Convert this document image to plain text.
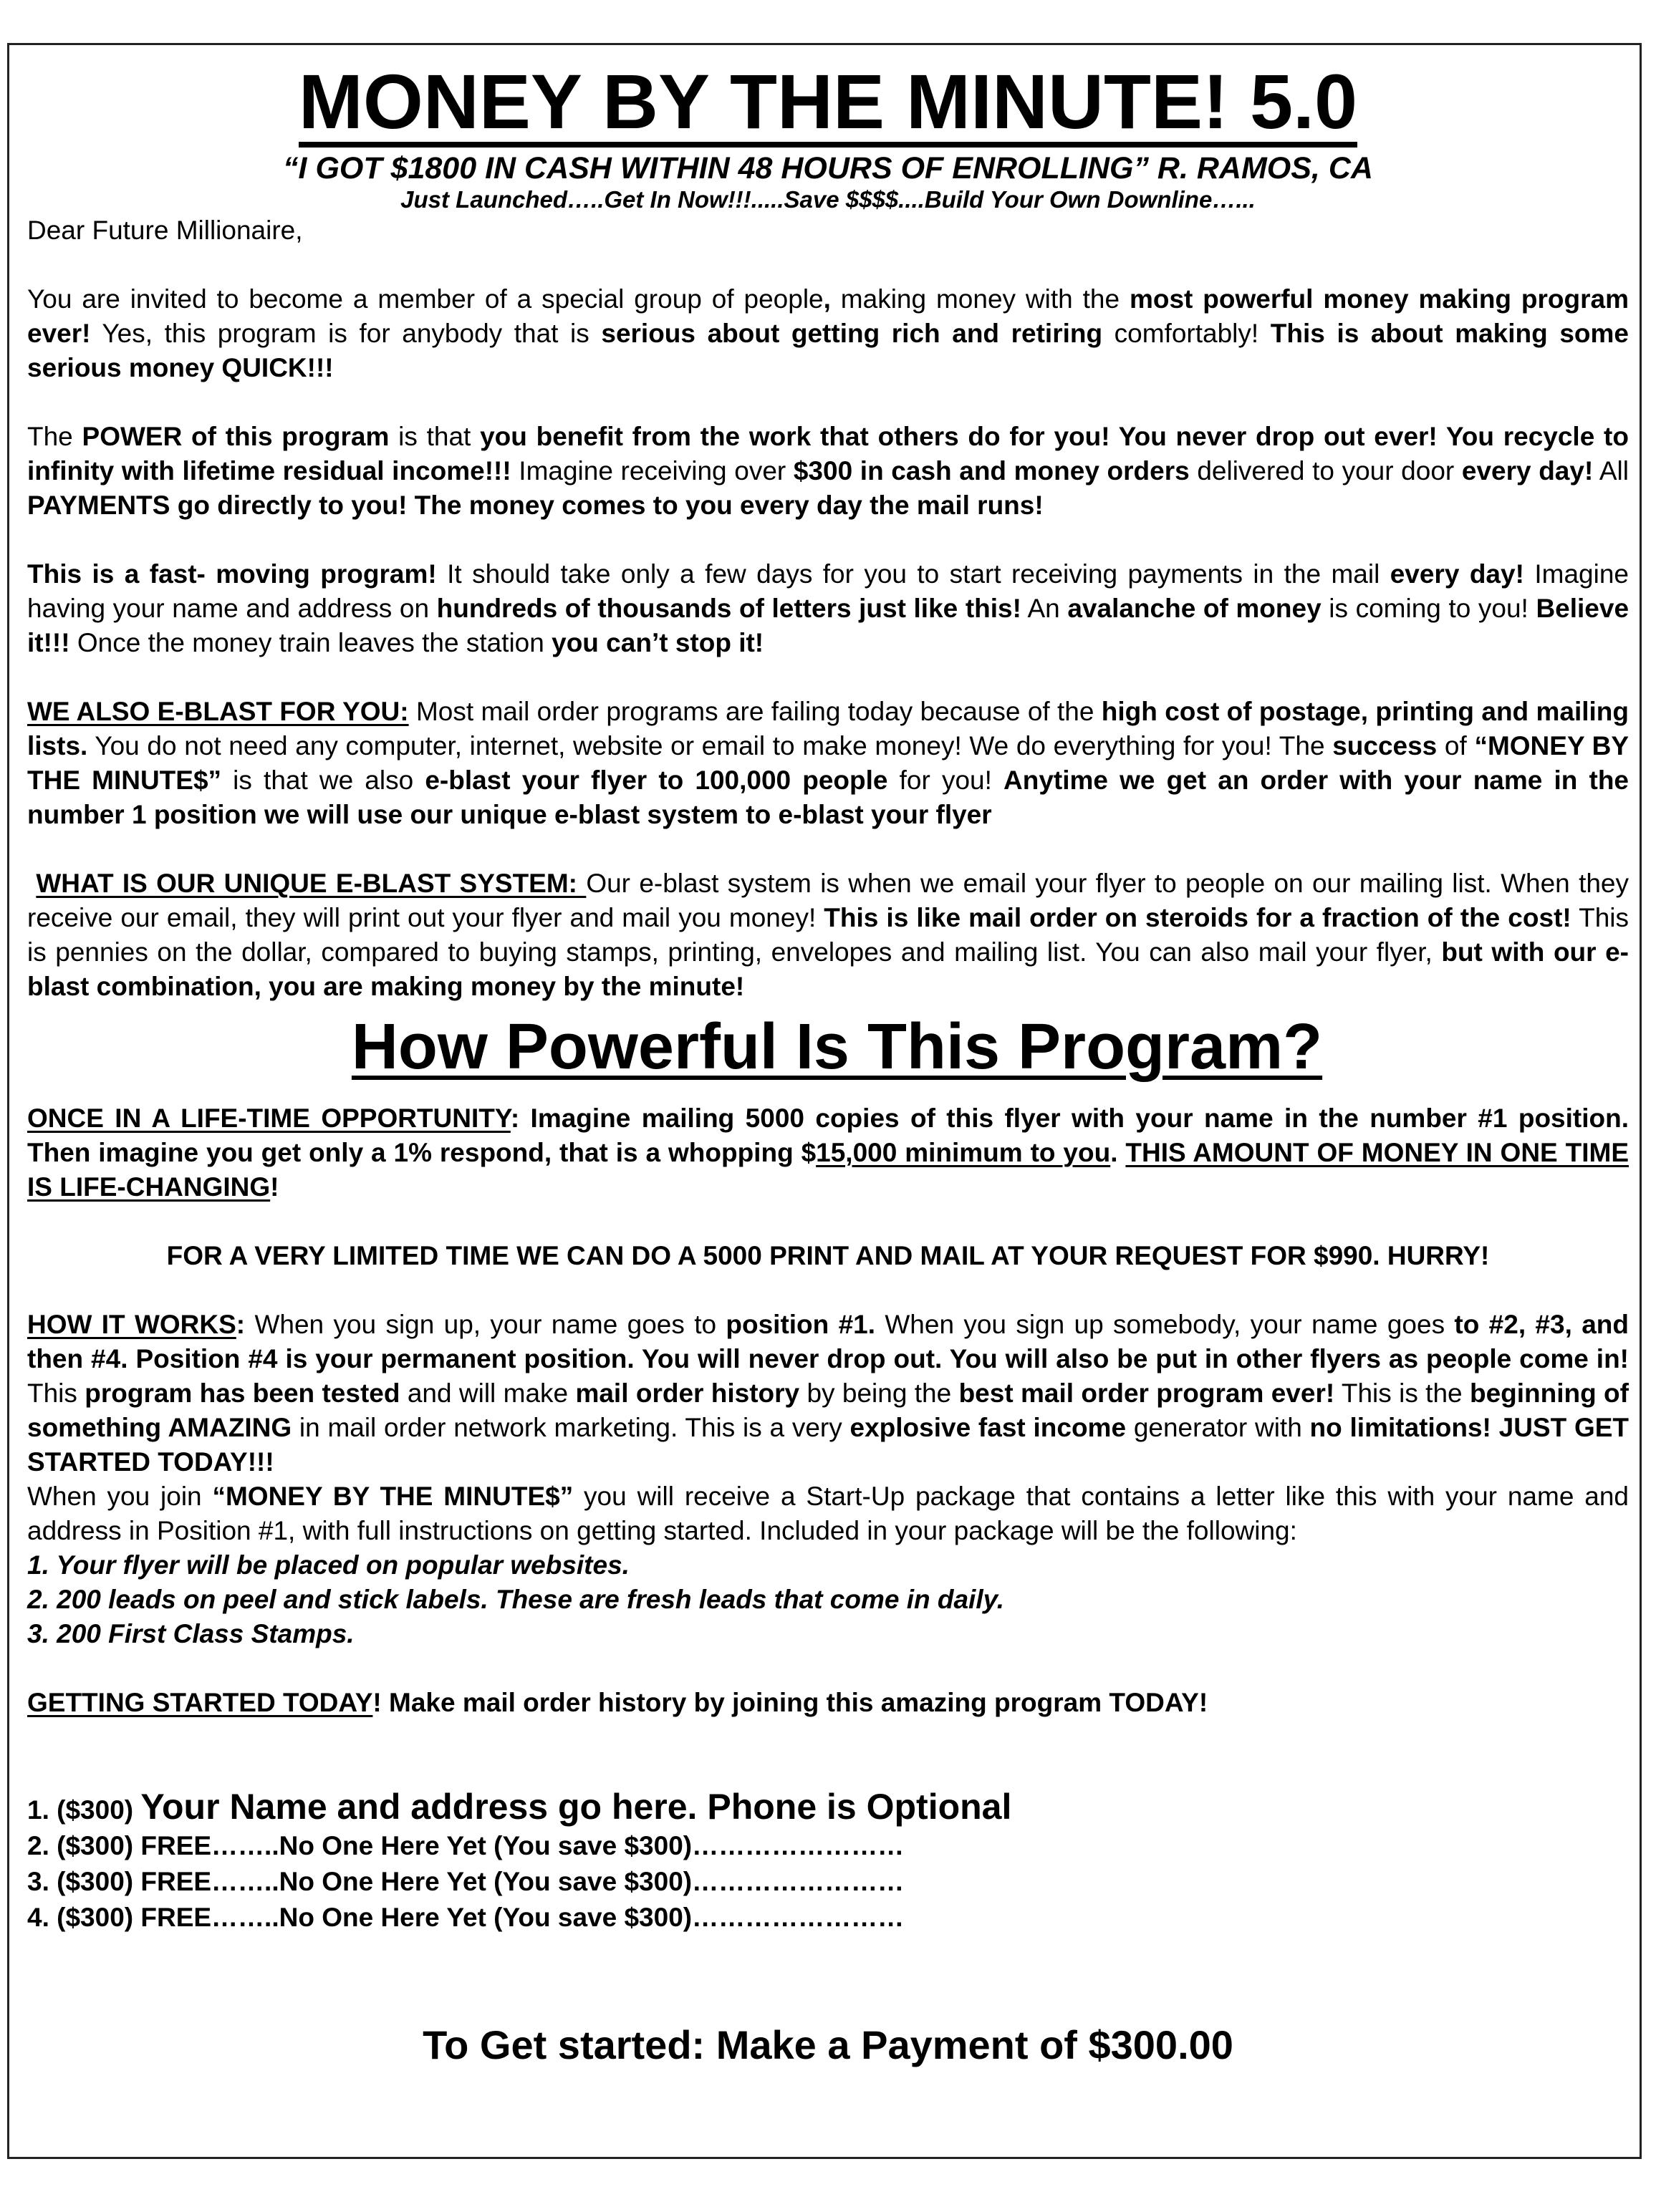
MONEY BY THE MINUTE! 5.0
“I GOT $1800 IN CASH WITHIN 48 HOURS OF ENROLLING” R. RAMOS, CA
Just Launched…..Get In Now!!!.....Save $$$$....Build Your Own Downline…...

Dear Future Millionaire,

You are invited to become a member of a special group of people, making money with the most powerful money making program ever! Yes, this program is for anybody that is serious about getting rich and retiring comfortably! This is about making some serious money QUICK!!!

The POWER of this program is that you benefit from the work that others do for you! You never drop out ever! You recycle to infinity with lifetime residual income!!! Imagine receiving over $300 in cash and money orders delivered to your door every day! All PAYMENTS go directly to you! The money comes to you every day the mail runs!

This is a fast- moving program! It should take only a few days for you to start receiving payments in the mail every day! Imagine having your name and address on hundreds of thousands of letters just like this! An avalanche of money is coming to you! Believe it!!! Once the money train leaves the station you can’t stop it!

WE ALSO E-BLAST FOR YOU: Most mail order programs are failing today because of the high cost of postage, printing and mailing lists. You do not need any computer, internet, website or email to make money! We do everything for you! The success of “MONEY BY THE MINUTE$” is that we also e-blast your flyer to 100,000 people for you! Anytime we get an order with your name in the number 1 position we will use our unique e-blast system to e-blast your flyer

WHAT IS OUR UNIQUE E-BLAST SYSTEM: Our e-blast system is when we email your flyer to people on our mailing list. When they receive our email, they will print out your flyer and mail you money! This is like mail order on steroids for a fraction of the cost! This is pennies on the dollar, compared to buying stamps, printing, envelopes and mailing list. You can also mail your flyer, but with our e-blast combination, you are making money by the minute!

How Powerful Is This Program?

ONCE IN A LIFE-TIME OPPORTUNITY: Imagine mailing 5000 copies of this flyer with your name in the number #1 position. Then imagine you get only a 1% respond, that is a whopping $15,000 minimum to you. THIS AMOUNT OF MONEY IN ONE TIME IS LIFE-CHANGING!

FOR A VERY LIMITED TIME WE CAN DO A 5000 PRINT AND MAIL AT YOUR REQUEST FOR $990. HURRY!

HOW IT WORKS: When you sign up, your name goes to position #1. When you sign up somebody, your name goes to #2, #3, and then #4. Position #4 is your permanent position. You will never drop out. You will also be put in other flyers as people come in! This program has been tested and will make mail order history by being the best mail order program ever! This is the beginning of something AMAZING in mail order network marketing. This is a very explosive fast income generator with no limitations! JUST GET STARTED TODAY!!!

When you join “MONEY BY THE MINUTE$” you will receive a Start-Up package that contains a letter like this with your name and address in Position #1, with full instructions on getting started. Included in your package will be the following:

1. Your flyer will be placed on popular websites.
2. 200 leads on peel and stick labels. These are fresh leads that come in daily.
3. 200 First Class Stamps.

GETTING STARTED TODAY! Make mail order history by joining this amazing program TODAY!

1. ($300) Your Name and address go here. Phone is Optional
2. ($300) FREE……..No One Here Yet (You save $300)……………………
3. ($300) FREE……..No One Here Yet (You save $300)……………………
4. ($300) FREE……..No One Here Yet (You save $300)……………………
To Get started: Make a Payment of $300.00
